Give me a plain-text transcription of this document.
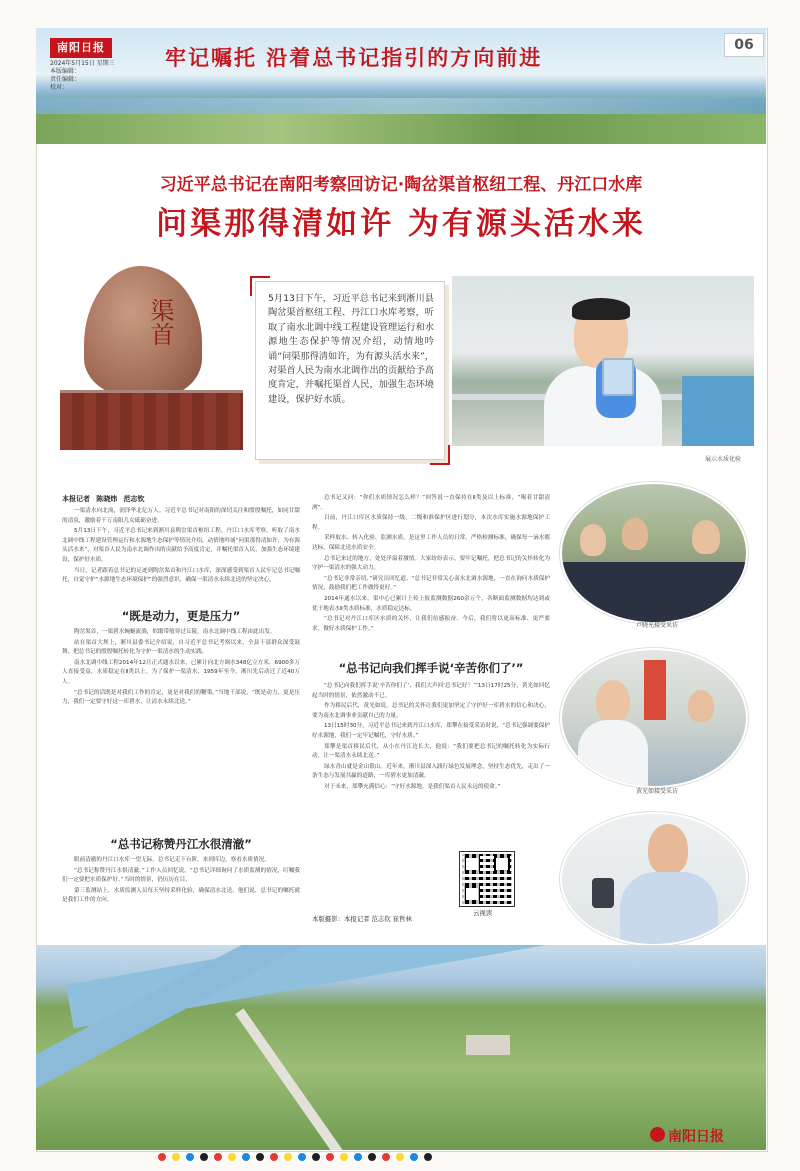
南阳日报
2024年5月15日 星期三
本版编辑：
责任编辑：
校对：
牢记嘱托 沿着总书记指引的方向前进
06
习近平总书记在南阳考察回访记·陶岔渠首枢纽工程、丹江口水库
问渠那得清如许 为有源头活水来
渠首	5月13日下午，习近平总书记来到淅川县陶岔渠首枢纽工程、丹江口水库考察，听取了南水北调中线工程建设管理运行和水源地生态保护等情况介绍，动情地吟诵“问渠那得清如许，为有源头活水来”，对渠首人民为南水北调作出的贡献给予高度肯定，并嘱托渠首人民，加强生态环境建设，保护好水质。

展示水质化验
本报记者 陈晓炜 范志钦

一渠清水向北流，润泽华北亿万人。习近平总书记对南阳的深切关注和殷殷嘱托，如同甘甜的清泉，激励着千万南阳儿女砥砺奋进。

5月13日下午，习近平总书记来到淅川县陶岔渠首枢纽工程、丹江口水库考察，听取了南水北调中线工程建设管理运行和水源地生态保护等情况介绍，动情地吟诵“问渠那得清如许，为有源头活水来”，对渠首人民为南水北调作出的贡献给予高度肯定，并嘱托渠首人民，加强生态环境建设，保护好水质。

当日，记者跟着总书记的足迹到陶岔渠首和丹江口水库，深深感受到渠首人民牢记总书记嘱托，自觉守护“水源地生态环境保护”的强烈意识，确保一渠清水永续北送的坚定决心。

“既是动力，更是压力”

陶岔渠首，一渠碧水蜿蜒流淌，似缎带般穿过丘陵，南水北调中线工程由此出发。

站在渠首大坝上，淅川县委书记介绍说，自习近平总书记考察以来，全县干部群众深受鼓舞，把总书记的殷殷嘱托转化为守护一渠清水的生动实践。

南水北调中线工程2014年12月正式通水以来，已累计向北方调水348亿立方米，6900多万人直接受益，水质稳定在Ⅱ类以上。为了保护一渠清水，1959年至今，淅川先后动迁了近40万人。

“总书记的话既是对我们工作的肯定，更是对我们的鞭策。”当地干部说，“既是动力，更是压力，我们一定要守好这一库碧水，让清水永续北送。”

“总书记称赞丹江水很清澈”

眼前清澈的丹江口水库一望无际。总书记走下台阶，来到库边，察看水质情况。

“总书记称赞丹江水很清澈。”工作人员回忆说，“总书记详细询问了水质监测的情况，叮嘱我们一定要把水质保护好。”当时的情景，仍历历在目。

第三监测站上，水质监测人员每天坚持采样化验，确保清水北送。他们说，总书记的嘱托就是我们工作的方向。

总书记又问：“你们水质情况怎么样？”回答说一直保持在Ⅱ类及以上标准，“喝着甘甜清冽”。

目前，丹江口库区水质保持一级，二级和准保护区进行划分，本次水库实施水源地保护工程。

采样取水、转入化验、监测水质，是这里工作人员的日常。严格检测标准，确保每一滴水都达标，保障北送水质安全。

总书记来过的地方，处处洋溢着激情。大家纷纷表示，要牢记嘱托，把总书记的关怀转化为守护一渠清水的强大动力。

“总书记非常亲切，”研究员回忆道，“总书记非常关心南水北调水源地，一直在询问水质保护情况，鼓励我们把工作做得更好。”

2014年通水以来，渠中心已累计上传上报监测数据260余万个，各断面监测数据均达到或优于地表水Ⅱ类水质标准，水质稳定达标。

“总书记对丹江口库区水质的关怀，让我们倍感振奋。今后，我们将以更高标准、更严要求，做好水质保护工作。”

“总书记向我们挥手说‘辛苦你们了’”

“总书记向我们挥手说‘辛苦你们了’，我们大声回‘总书记好！’”13日17时25分，黄光如回忆起当时的情景，依然激动不已。

作为移民后代，黄光如说，总书记的关怀让我们更加坚定了守护好一库碧水的信心和决心，要为南水北调事业贡献自己的力量。

13日15时30分，习近平总书记来到丹江口水库，郑攀在接受采访时说，“总书记强调要保护好水源地，我们一定牢记嘱托，守好水质。”

郑攀是渠首移民后代，从小在丹江边长大，他说：“我们要把总书记的嘱托转化为实际行动，让一渠清水永续北送。”

绿水青山就是金山银山。近年来，淅川县深入践行绿色发展理念，坚持生态优先，走出了一条生态与发展共赢的道路，一库碧水更加清澈。

对于未来，郑攀充满信心：“守好水源地，是我们渠首人民永远的使命。”

云视读
本版摄影：本报记者 范志钦 崔哲林
卢晓光接受采访
黄光如接受采访
南阳日报
